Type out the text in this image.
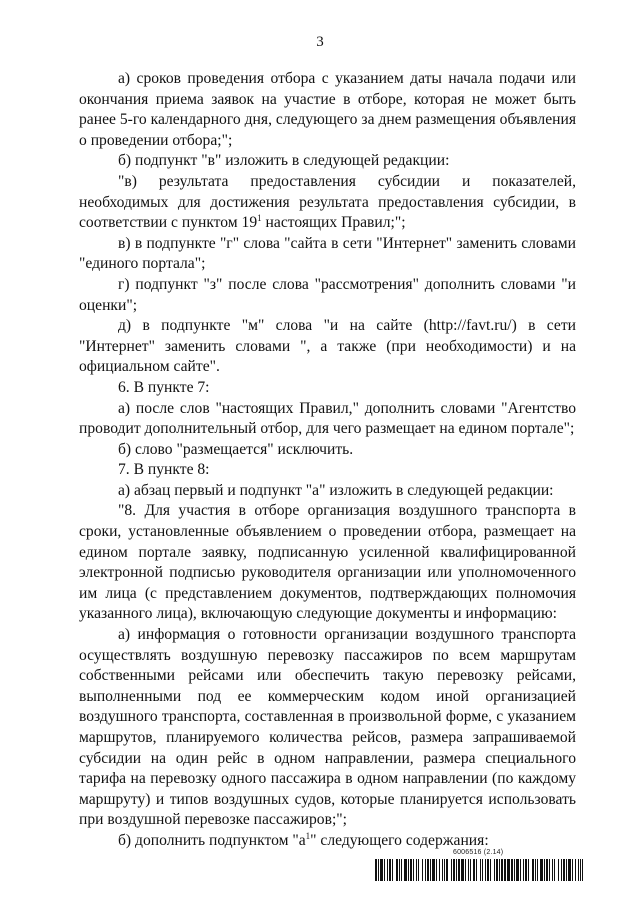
3

а) сроков проведения отбора с указанием даты начала подачи или окончания приема заявок на участие в отборе, которая не может быть ранее 5-го календарного дня, следующего за днем размещения объявления о проведении отбора;";

б) подпункт "в" изложить в следующей редакции:

"в) результата предоставления субсидии и показателей, необходимых для достижения результата предоставления субсидии, в соответствии с пунктом $19^1$ настоящих Правил;";

в) в подпункте "г" слова "сайта в сети "Интернет" заменить словами "единого портала";

г) подпункт "з" после слова "рассмотрения" дополнить словами "и оценки";

д) в подпункте "м" слова "и на сайте (http://favt.ru/) в сети "Интернет" заменить словами ", а также (при необходимости) и на официальном сайте".

6. В пункте 7:

а) после слов "настоящих Правил," дополнить словами "Агентство проводит дополнительный отбор, для чего размещает на едином портале";

б) слово "размещается" исключить.

7. В пункте 8:

а) абзац первый и подпункт "а" изложить в следующей редакции:

"8. Для участия в отборе организация воздушного транспорта в сроки, установленные объявлением о проведении отбора, размещает на едином портале заявку, подписанную усиленной квалифицированной электронной подписью руководителя организации или уполномоченного им лица (с представлением документов, подтверждающих полномочия указанного лица), включающую следующие документы и информацию:

а) информация о готовности организации воздушного транспорта осуществлять воздушную перевозку пассажиров по всем маршрутам собственными рейсами или обеспечить такую перевозку рейсами, выполненными под ее коммерческим кодом иной организацией воздушного транспорта, составленная в произвольной форме, с указанием маршрутов, планируемого количества рейсов, размера запрашиваемой субсидии на один рейс в одном направлении, размера специального тарифа на перевозку одного пассажира в одном направлении (по каждому маршруту) и типов воздушных судов, которые планируется использовать при воздушной перевозке пассажиров;";

б) дополнить подпунктом "$а^1$" следующего содержания:

6006516 (2.14)
